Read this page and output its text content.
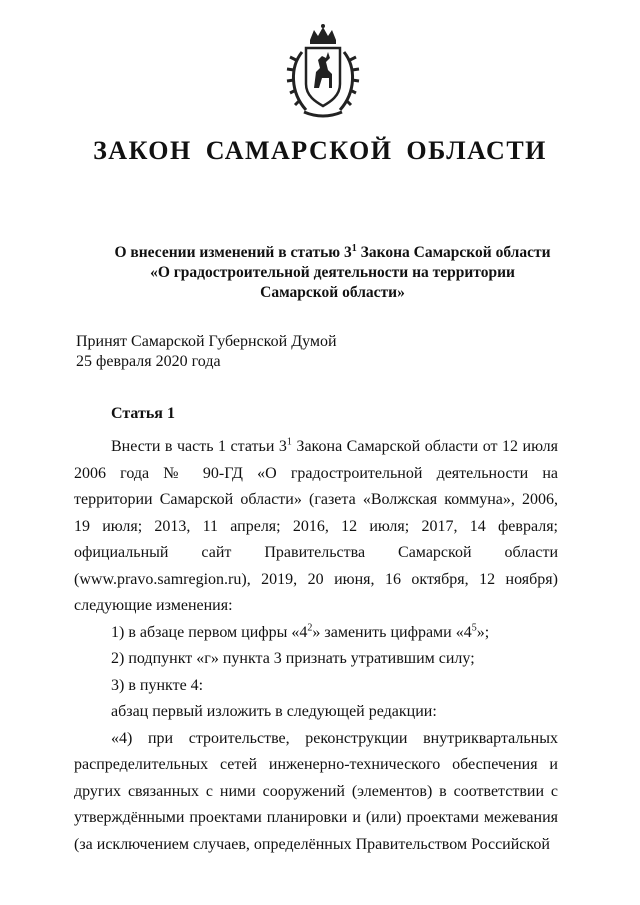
ЗАКОН САМАРСКОЙ ОБЛАСТИ
О внесении изменений в статью $3^1$ Закона Самарской области
«О градостроительной деятельности на территории
Самарской области»
Принят Самарской Губернской Думой
25 февраля 2020 года
Статья 1

Внести в часть 1 статьи $3^1$ Закона Самарской области от 12 июля 2006 года № 90-ГД «О градостроительной деятельности на территории Самарской области» (газета «Волжская коммуна», 2006, 19 июля; 2013, 11 апреля; 2016, 12 июля; 2017, 14 февраля; официальный сайт Правительства Самарской области (www.pravo.samregion.ru), 2019, 20 июня, 16 октября, 12 ноября) следующие изменения:

1) в абзаце первом цифры «$4^2$» заменить цифрами «$4^5$»;

2) подпункт «г» пункта 3 признать утратившим силу;

3) в пункте 4:

абзац первый изложить в следующей редакции:

«4) при строительстве, реконструкции внутриквартальных распределительных сетей инженерно-технического обеспечения и других связанных с ними сооружений (элементов) в соответствии с утверждёнными проектами планировки и (или) проектами межевания (за исключением случаев, определённых Правительством Российской
